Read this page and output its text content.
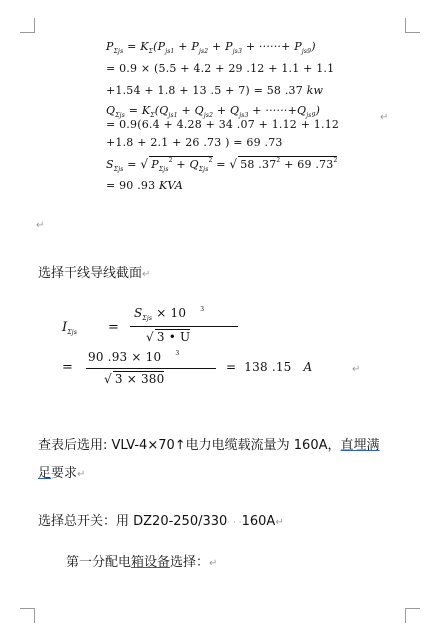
$P_{\Sigma js} = K_\Sigma(P_{js1} + P_{js2} + P_{js3}$ + ······+ $P_{js9}$)
= 0.9 × (5.5 + 4.2 + 29 .12 + 1.1 + 1.1
+1.54 + 1.8 + 13 .5 + 7) = 58 .37 kw
$Q_{\Sigma js} = K_\Sigma(Q_{js1} + Q_{js2} + Q_{js3} + \cdot\cdot\cdot\cdot\cdot\cdot+Q_{js9})$
↵
= 0.9(6.4 + 4.28 + 34 .07 + 1.12 + 1.12
+1.8 + 2.1 + 26 .73 ) = 69 .73
$S_{\Sigma js}$ = √ $P_{\Sigma js}^2 + Q_{\Sigma js}^2$ = √ 58 $.37^2 + 69$ $.73^2$
= 90 .93 KVA
↵
选择干线导线截面↵
$I_{\Sigma js}$ =
$S_{\Sigma js} \times 10$ $^3$
√ 3 • U
=
90 .93 × 10 $^3$
√ 3 × 380
= 138 .15 A	↵
查表后选用: VLV-4×70↑电力电缆载流量为 160A，直埋满
足要求↵
选择总开关：用 DZ20-250/330· · ·160A↵
第一分配电箱设备选择：↵
